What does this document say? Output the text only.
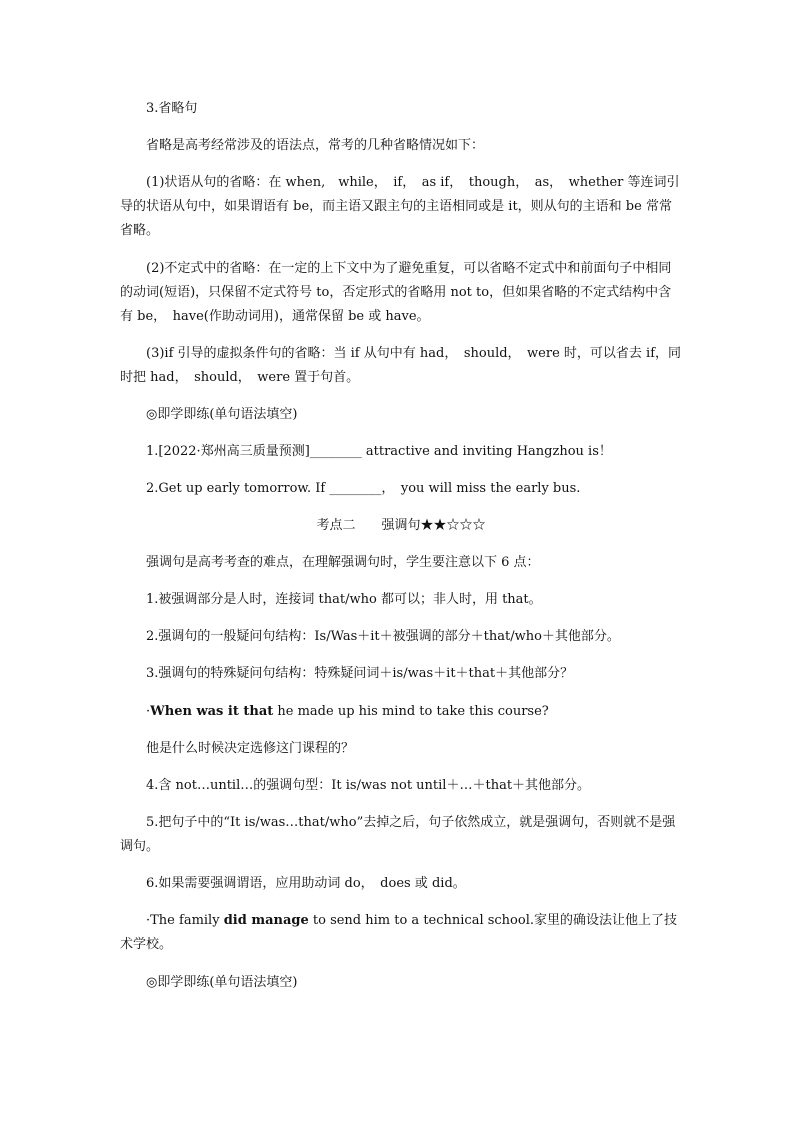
3.省略句

省略是高考经常涉及的语法点，常考的几种省略情况如下：

(1)状语从句的省略：在 when,　while，　if，　as if，　though，　as，　whether 等连词引导的状语从句中，如果谓语有 be，而主语又跟主句的主语相同或是 it，则从句的主语和 be 常常省略。

(2)不定式中的省略：在一定的上下文中为了避免重复，可以省略不定式中和前面句子中相同的动词(短语)，只保留不定式符号 to，否定形式的省略用 not to，但如果省略的不定式结构中含有 be，　have(作助动词用)，通常保留 be 或 have。

(3)if 引导的虚拟条件句的省略：当 if 从句中有 had，　should，　were 时，可以省去 if，同时把 had，　should，　were 置于句首。

◎即学即练(单句语法填空)

1.[2022·郑州高三质量预测]________ attractive and inviting Hangzhou is！

2.Get up early tomorrow. If ________，　you will miss the early bus.

考点二　　强调句★★☆☆☆

强调句是高考考查的难点，在理解强调句时，学生要注意以下 6 点：

1.被强调部分是人时，连接词 that/who 都可以；非人时，用 that。

2.强调句的一般疑问句结构：Is/Was＋it＋被强调的部分＋that/who＋其他部分。

3.强调句的特殊疑问句结构：特殊疑问词＋is/was＋it＋that＋其他部分？

·When was it that he made up his mind to take this course?

他是什么时候决定选修这门课程的？

4.含 not…until…的强调句型：It is/was not until＋…＋that＋其他部分。

5.把句子中的“It is/was…that/who”去掉之后，句子依然成立，就是强调句，否则就不是强调句。

6.如果需要强调谓语，应用助动词 do，　does 或 did。

·The family did manage to send him to a technical school.家里的确设法让他上了技术学校。

◎即学即练(单句语法填空)
